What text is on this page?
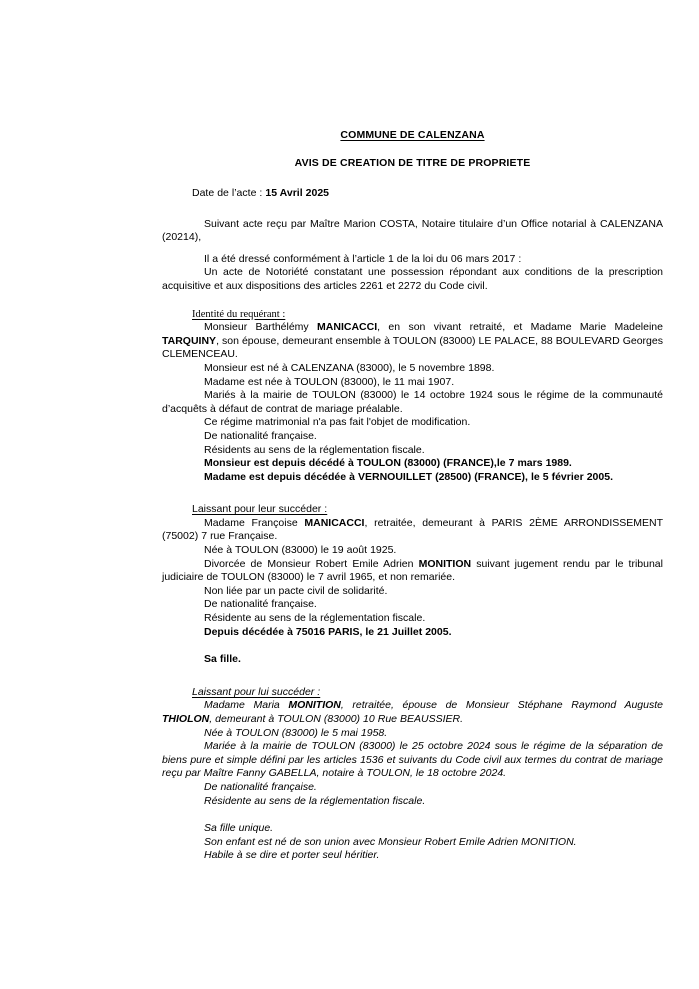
COMMUNE DE CALENZANA
AVIS DE CREATION DE TITRE DE PROPRIETE

Date de l’acte : 15 Avril 2025

Suivant acte reçu par Maître Marion COSTA, Notaire titulaire d’un Office notarial à CALENZANA (20214),

Il a été dressé conformément à l’article 1 de la loi du 06 mars 2017 :

Un acte de Notoriété constatant une possession répondant aux conditions de la prescription acquisitive et aux dispositions des articles 2261 et 2272 du Code civil.

Identité du requérant :

Monsieur Barthélémy MANICACCI, en son vivant retraité, et Madame Marie Madeleine TARQUINY, son épouse, demeurant ensemble à TOULON (83000) LE PALACE, 88 BOULEVARD Georges CLEMENCEAU.

Monsieur est né à CALENZANA (83000), le 5 novembre 1898.

Madame est née à TOULON (83000), le 11 mai 1907.

Mariés à la mairie de TOULON (83000) le 14 octobre 1924 sous le régime de la communauté d’acquêts à défaut de contrat de mariage préalable.

Ce régime matrimonial n'a pas fait l'objet de modification.

De nationalité française.

Résidents au sens de la réglementation fiscale.

Monsieur est depuis décédé à TOULON (83000) (FRANCE),le 7 mars 1989.

Madame est depuis décédée à VERNOUILLET (28500) (FRANCE), le 5 février 2005.

Laissant pour leur succéder :

Madame Françoise MANICACCI, retraitée, demeurant à PARIS 2ÈME ARRONDISSEMENT (75002) 7 rue Française.

Née à TOULON (83000) le 19 août 1925.

Divorcée de Monsieur Robert Emile Adrien MONITION suivant jugement rendu par le tribunal judiciaire de TOULON (83000) le 7 avril 1965, et non remariée.

Non liée par un pacte civil de solidarité.

De nationalité française.

Résidente au sens de la réglementation fiscale.

Depuis décédée à 75016 PARIS, le 21 Juillet 2005.

Sa fille.

Laissant pour lui succéder :

Madame Maria MONITION, retraitée, épouse de Monsieur Stéphane Raymond Auguste THIOLON, demeurant à TOULON (83000) 10 Rue BEAUSSIER.

Née à TOULON (83000) le 5 mai 1958.

Mariée à la mairie de TOULON (83000) le 25 octobre 2024 sous le régime de la séparation de biens pure et simple défini par les articles 1536 et suivants du Code civil aux termes du contrat de mariage reçu par Maître Fanny GABELLA, notaire à TOULON, le 18 octobre 2024.

De nationalité française.

Résidente au sens de la réglementation fiscale.

Sa fille unique.

Son enfant est né de son union avec Monsieur Robert Emile Adrien MONITION.

Habile à se dire et porter seul héritier.
